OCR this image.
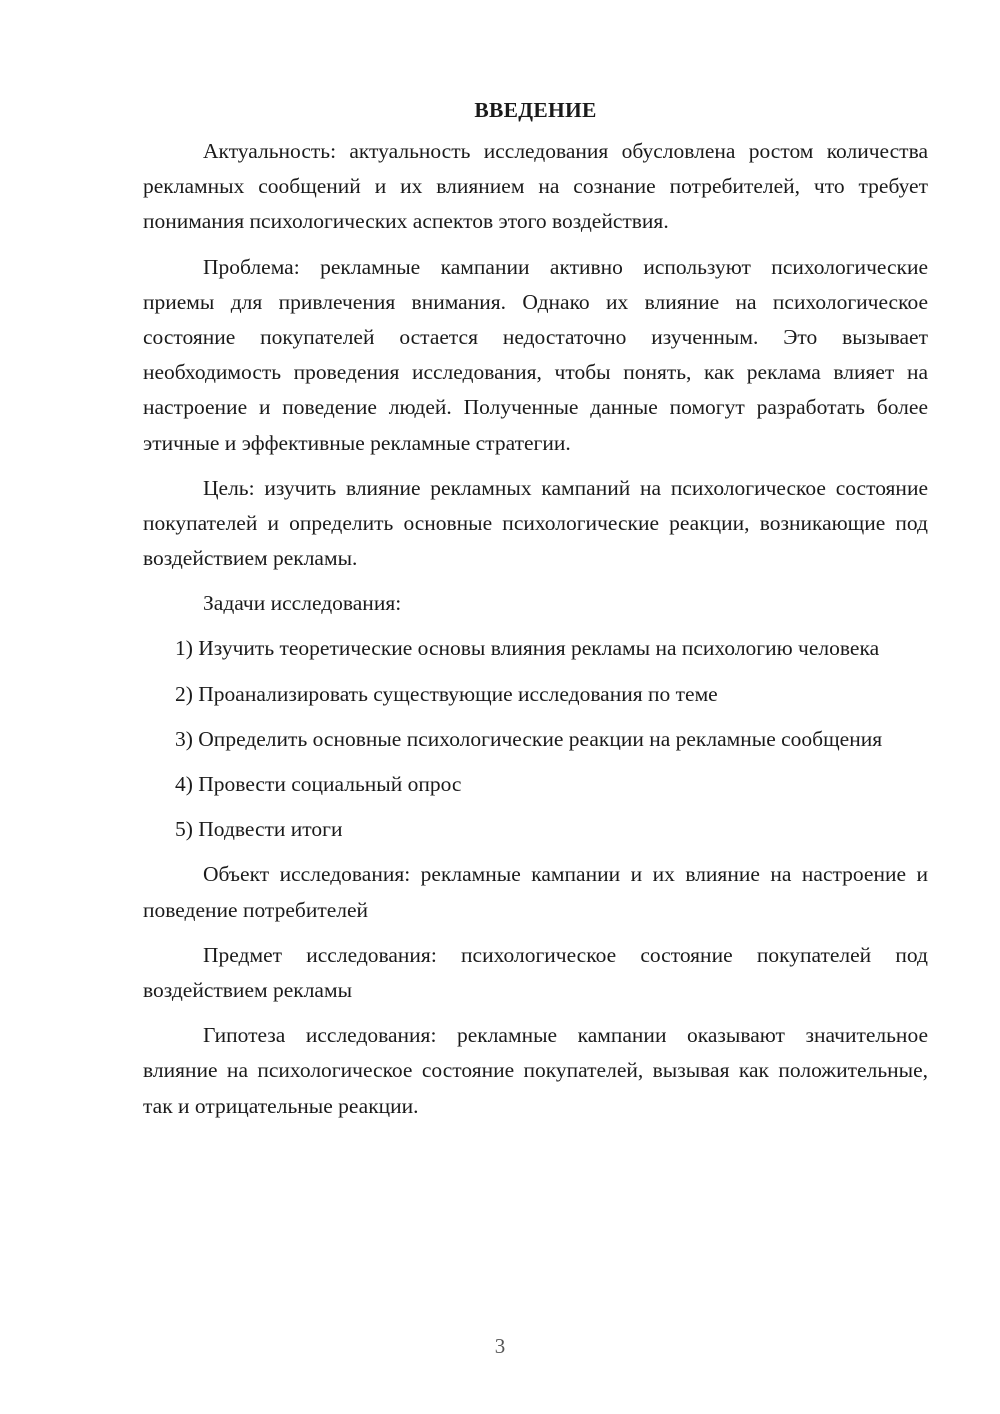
ВВЕДЕНИЕ

Актуальность: актуальность исследования обусловлена ростом количества рекламных сообщений и их влиянием на сознание потребителей, что требует понимания психологических аспектов этого воздействия.

Проблема: рекламные кампании активно используют психологические приемы для привлечения внимания. Однако их влияние на психологическое состояние покупателей остается недостаточно изученным. Это вызывает необходимость проведения исследования, чтобы понять, как реклама влияет на настроение и поведение людей. Полученные данные помогут разработать более этичные и эффективные рекламные стратегии.

Цель: изучить влияние рекламных кампаний на психологическое состояние покупателей и определить основные психологические реакции, возникающие под воздействием рекламы.

Задачи исследования:

1) Изучить теоретические основы влияния рекламы на психологию человека

2) Проанализировать существующие исследования по теме

3) Определить основные психологические реакции на рекламные сообщения

4) Провести социальный опрос

5) Подвести итоги

Объект исследования: рекламные кампании и их влияние на настроение и поведение потребителей

Предмет исследования: психологическое состояние покупателей под воздействием рекламы

Гипотеза исследования: рекламные кампании оказывают значительное влияние на психологическое состояние покупателей, вызывая как положительные, так и отрицательные реакции.

3
